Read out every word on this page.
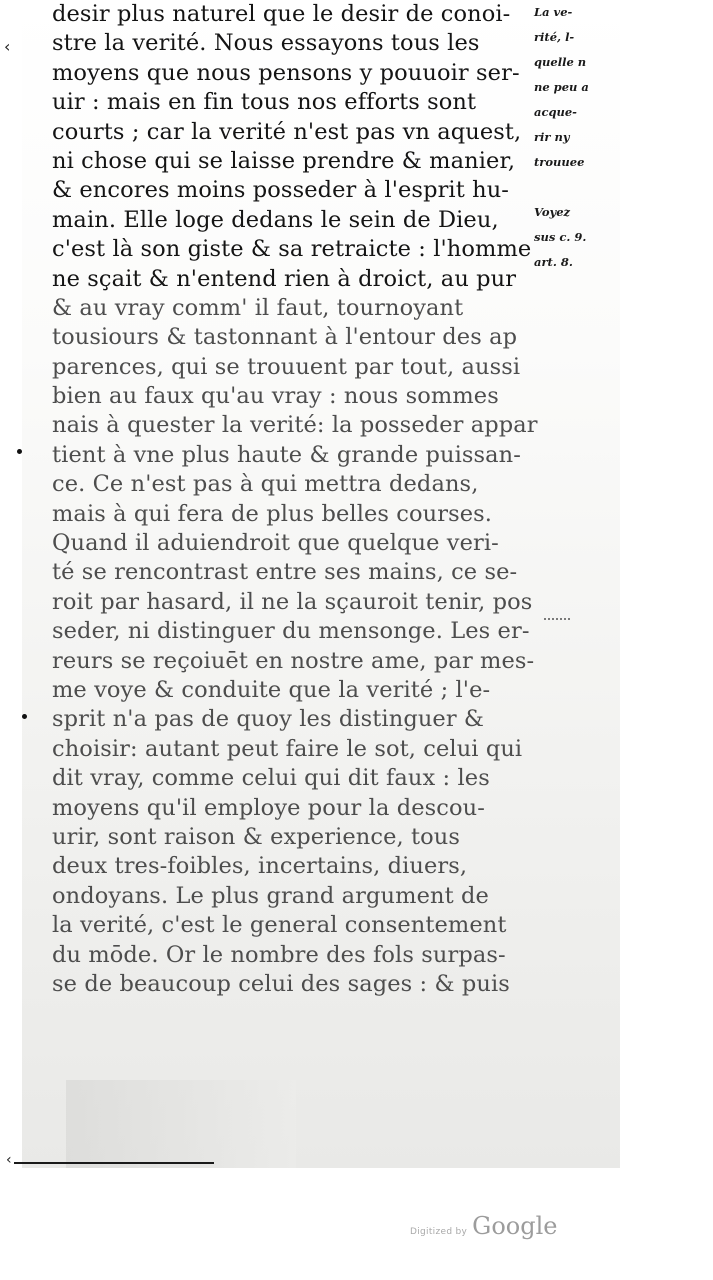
desir plus naturel que le desir de conoi-
stre la verité. Nous essayons tous les
moyens que nous pensons y pouuoir ser-
uir : mais en fin tous nos efforts sont
courts ; car la verité n'est pas vn aquest,
ni chose qui se laisse prendre & manier,
& encores moins posseder à l'esprit hu-
main. Elle loge dedans le sein de Dieu,
c'est là son giste & sa retraicte : l'homme
ne sçait & n'entend rien à droict, au pur
& au vray comm' il faut, tournoyant
tousiours & tastonnant à l'entour des ap
parences, qui se trouuent par tout, aussi
bien au faux qu'au vray : nous sommes
nais à quester la verité: la posseder appar
tient à vne plus haute & grande puissan-
ce. Ce n'est pas à qui mettra dedans,
mais à qui fera de plus belles courses.
Quand il aduiendroit que quelque veri-
té se rencontrast entre ses mains, ce se-
roit par hasard, il ne la sçauroit tenir, pos
seder, ni distinguer du mensonge. Les er-
reurs se reçoiuēt en nostre ame, par mes-
me voye & conduite que la verité ; l'e-
sprit n'a pas de quoy les distinguer &
choisir: autant peut faire le sot, celui qui
dit vray, comme celui qui dit faux : les
moyens qu'il employe pour la descou-
urir, sont raison & experience, tous
deux tres-foibles, incertains, diuers,
ondoyans. Le plus grand argument de
la verité, c'est le general consentement
du mōde. Or le nombre des fols surpas-
se de beaucoup celui des sages : & puis
La ve-
rité, l-
quelle n
ne peu a
acque-
rir ny
trouuee
Voyez
sus c. 9.
art. 8.
‹
‹
Digitized by Google
